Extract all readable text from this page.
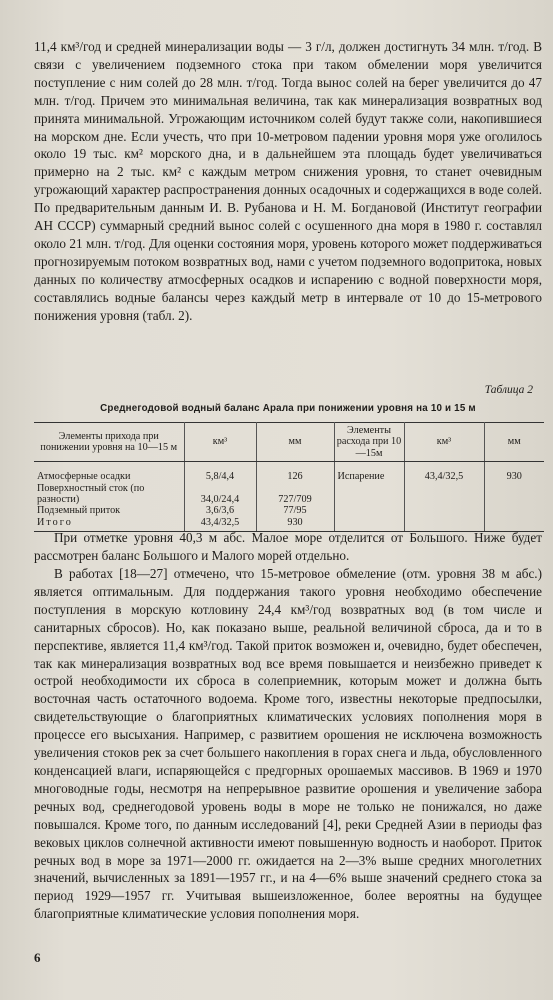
11,4 км³/год и средней минерализации воды — 3 г/л, должен достигнуть 34 млн. т/год. В связи с увеличением подземного стока при таком обмелении моря увеличится поступление с ним солей до 28 млн. т/год. Тогда вынос солей на берег увеличится до 47 млн. т/год. Причем это минимальная величина, так как минерализация возвратных вод принята минимальной. Угрожающим источником солей будут также соли, накопившиеся на морском дне. Если учесть, что при 10-метровом падении уровня моря уже оголилось около 19 тыс. км² морского дна, и в дальнейшем эта площадь будет увеличиваться примерно на 2 тыс. км² с каждым метром снижения уровня, то станет очевидным угрожающий характер распространения донных осадочных и содержащихся в воде солей. По предварительным данным И. В. Рубанова и Н. М. Богдановой (Институт географии АН СССР) суммарный средний вынос солей с осушенного дна моря в 1980 г. составлял около 21 млн. т/год. Для оценки состояния моря, уровень которого может поддерживаться прогнозируемым потоком возвратных вод, нами с учетом подземного водопритока, новых данных по количеству атмосферных осадков и испарению с водной поверхности моря, составлялись водные балансы через каждый метр в интервале от 10 до 15-метрового понижения уровня (табл. 2).

Таблица 2
Среднегодовой водный баланс Арала при понижении уровня на 10 и 15 м
Элементы прихода при понижении уровня на 10—15 м	км³	мм	Элементы расхода при 10—15м	км³	мм
Атмосферные осадки	5,8/4,4	126	Испарение	43,4/32,5	930
Поверхностный сток (по разности)	34,0/24,4	727/709			
Подземный приток	3,6/3,6	77/95			
Итого	43,4/32,5	930			

При отметке уровня 40,3 м абс. Малое море отделится от Большого. Ниже будет рассмотрен баланс Большого и Малого морей отдельно.

В работах [18—27] отмечено, что 15-метровое обмеление (отм. уровня 38 м абс.) является оптимальным. Для поддержания такого уровня необходимо обеспечение поступления в морскую котловину 24,4 км³/год возвратных вод (в том числе и санитарных сбросов). Но, как показано выше, реальной величиной сброса, да и то в перспективе, является 11,4 км³/год. Такой приток возможен и, очевидно, будет обеспечен, так как минерализация возвратных вод все время повышается и неизбежно приведет к острой необходимости их сброса в солеприемник, которым может и должна быть восточная часть остаточного водоема. Кроме того, известны некоторые предпосылки, свидетельствующие о благоприятных климатических условиях пополнения моря в процессе его высыхания. Например, с развитием орошения не исключена возможность увеличения стоков рек за счет большего накопления в горах снега и льда, обусловленного конденсацией влаги, испаряющейся с предгорных орошаемых массивов. В 1969 и 1970 многоводные годы, несмотря на непрерывное развитие орошения и увеличение забора речных вод, среднегодовой уровень воды в море не только не понижался, но даже повышался. Кроме того, по данным исследований [4], реки Средней Азии в периоды фаз вековых циклов солнечной активности имеют повышенную водность и наоборот. Приток речных вод в море за 1971—2000 гг. ожидается на 2—3% выше средних многолетних значений, вычисленных за 1891—1957 гг., и на 4—6% выше значений среднего стока за период 1929—1957 гг. Учитывая вышеизложенное, более вероятны на будущее благоприятные климатические условия пополнения моря.

6
